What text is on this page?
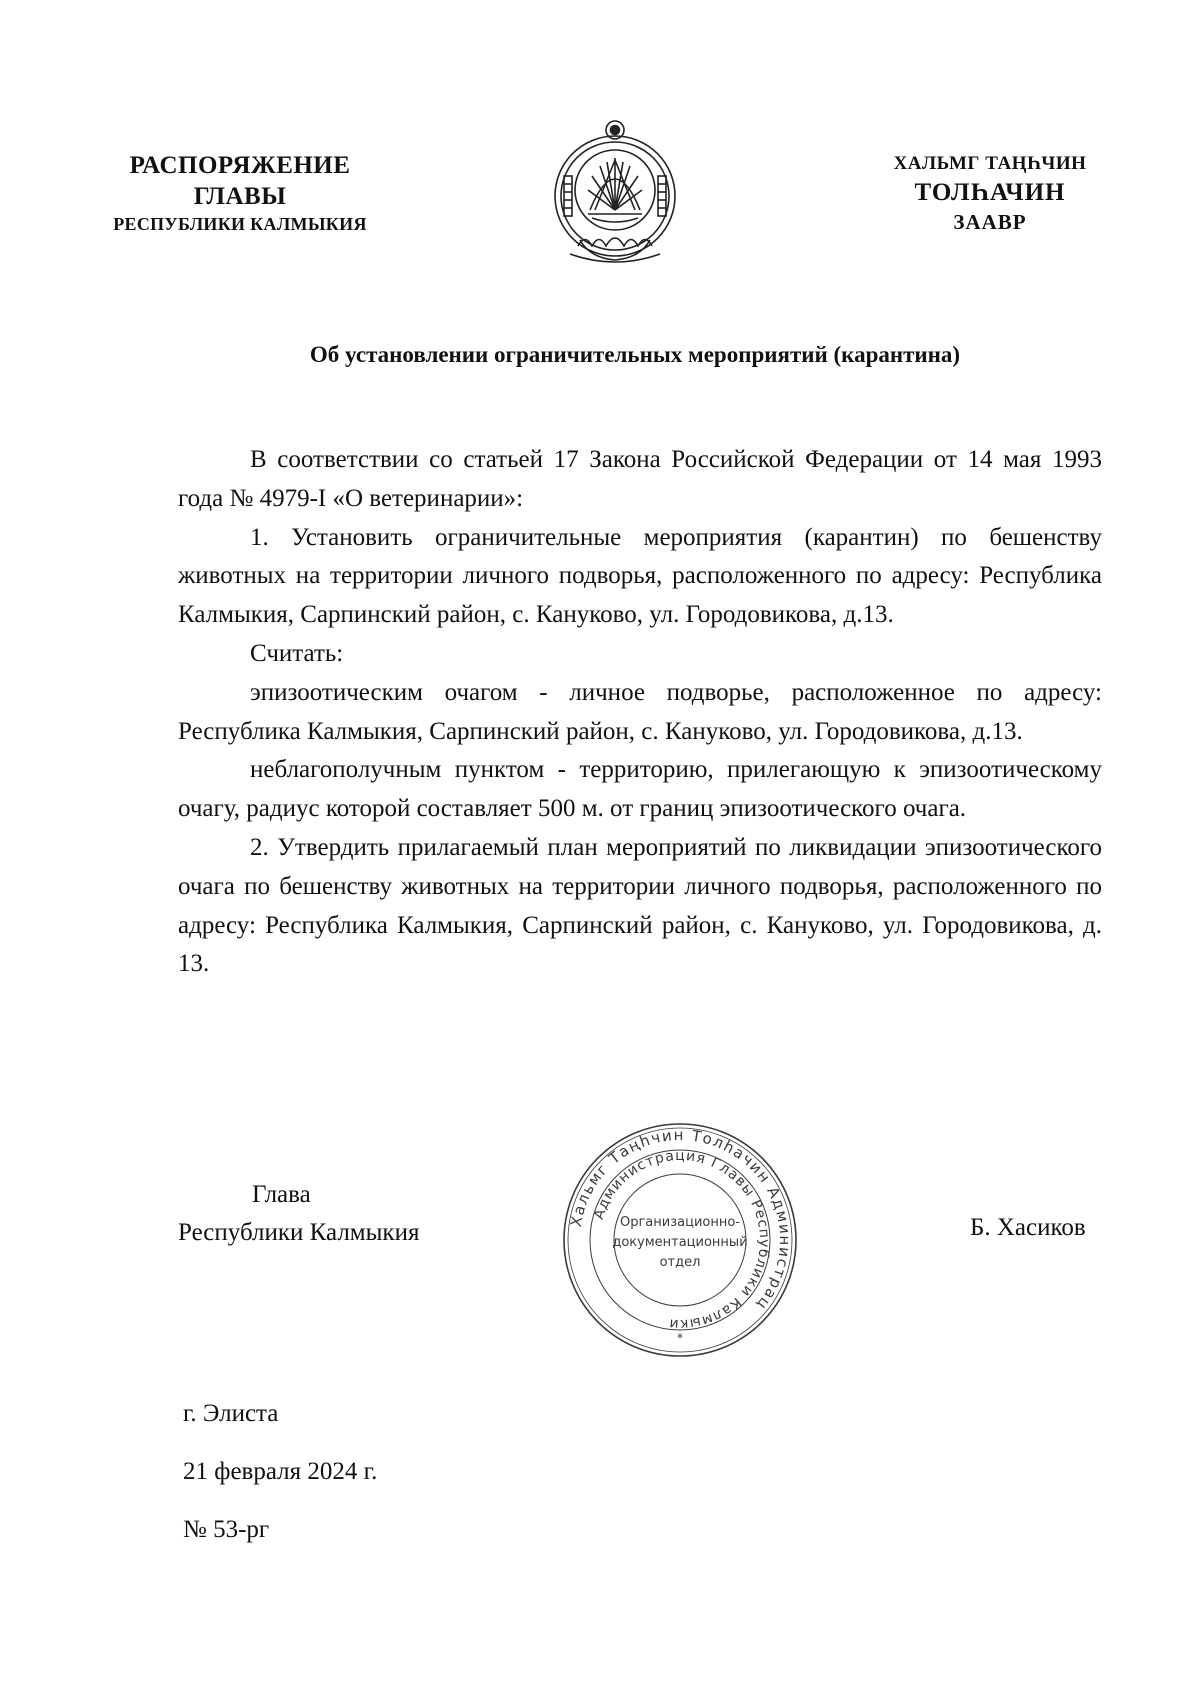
РАСПОРЯЖЕНИЕ
ГЛАВЫ
РЕСПУБЛИКИ КАЛМЫКИЯ
ХАЛЬМГ ТАҢҺЧИН
ТОЛҺАЧИН
ЗААВР
Об установлении ограничительных мероприятий (карантина)

В соответствии со статьей 17 Закона Российской Федерации от 14 мая 1993 года № 4979-I «О ветеринарии»:

1. Установить ограничительные мероприятия (карантин) по бешенству животных на территории личного подворья, расположенного по адресу: Республика Калмыкия, Сарпинский район, с. Кануково, ул. Городовикова, д.13.

Считать:

эпизоотическим очагом - личное подворье, расположенное по адресу: Республика Калмыкия, Сарпинский район, с. Кануково, ул. Городовикова, д.13.

неблагополучным пунктом - территорию, прилегающую к эпизоотическому очагу, радиус которой составляет 500 м. от границ эпизоотического очага.

2. Утвердить прилагаемый план мероприятий по ликвидации эпизоотического очага по бешенству животных на территории личного подворья, расположенного по адресу: Республика Калмыкия, Сарпинский район, с. Кануково, ул. Городовикова, д. 13.

Глава
Республики Калмыкия	Б. Хасиков
Хальмг Таңһчин Толһачин Администрац
Администрация Главы Республики Калмыки
Организационно-
документационный
отдел
*
г. Элиста
21 февраля 2024 г.
№ 53-рг
